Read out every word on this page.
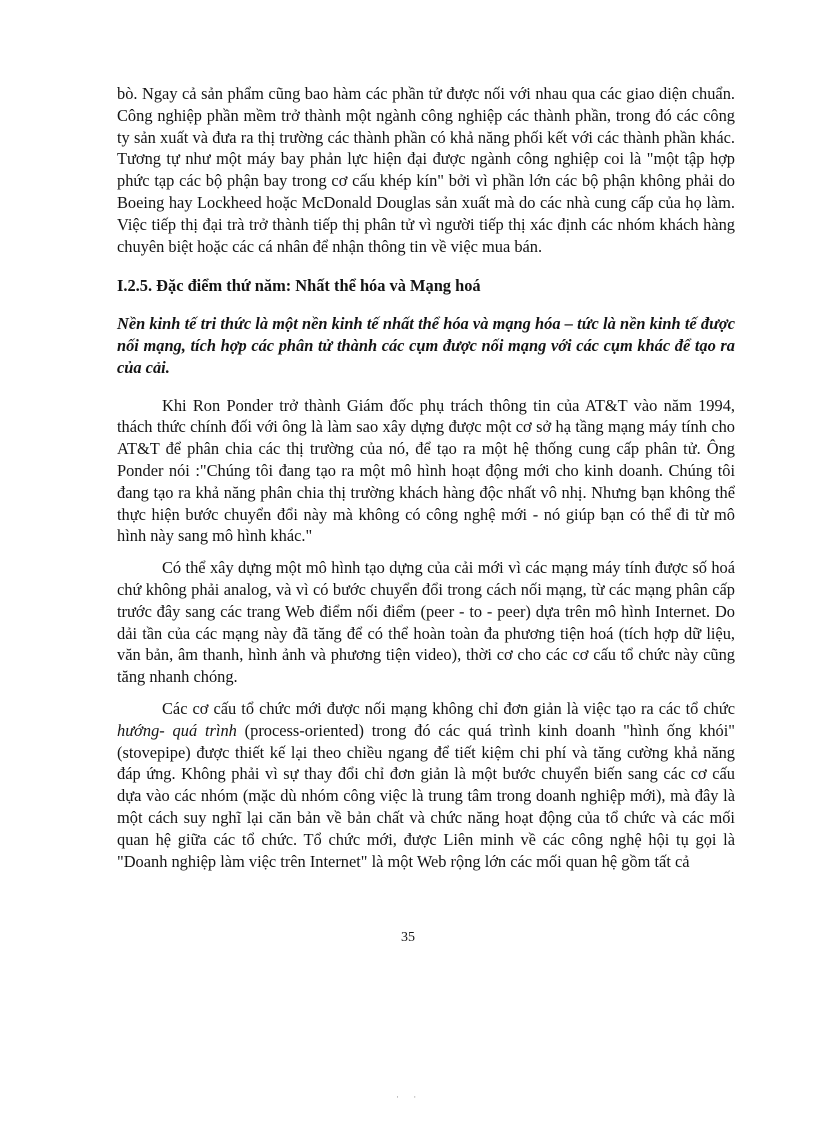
bò. Ngay cả sản phẩm cũng bao hàm các phần tử được nối với nhau qua các giao diện chuẩn. Công nghiệp phần mềm trở thành một ngành công nghiệp các thành phần, trong đó các công ty sản xuất và đưa ra thị trường các thành phần có khả năng phối kết với các thành phần khác. Tương tự như một máy bay phản lực hiện đại được ngành công nghiệp coi là "một tập hợp phức tạp các bộ phận bay trong cơ cấu khép kín" bởi vì phần lớn các bộ phận không phải do Boeing hay Lockheed hoặc McDonald Douglas sản xuất mà do các nhà cung cấp của họ làm. Việc tiếp thị đại trà trở thành tiếp thị phân tử vì người tiếp thị xác định các nhóm khách hàng chuyên biệt hoặc các cá nhân để nhận thông tin về việc mua bán.

I.2.5. Đặc điểm thứ năm: Nhất thể hóa và Mạng hoá

Nền kinh tế tri thức là một nền kinh tế nhất thể hóa và mạng hóa – tức là nền kinh tế được nối mạng, tích hợp các phân tử thành các cụm được nối mạng với các cụm khác để tạo ra của cải.

Khi Ron Ponder trở thành Giám đốc phụ trách thông tin của AT&T vào năm 1994, thách thức chính đối với ông là làm sao xây dựng được một cơ sở hạ tầng mạng máy tính cho AT&T để phân chia các thị trường của nó, để tạo ra một hệ thống cung cấp phân tử. Ông Ponder nói :"Chúng tôi đang tạo ra một mô hình hoạt động mới cho kinh doanh. Chúng tôi đang tạo ra khả năng phân chia thị trường khách hàng độc nhất vô nhị. Nhưng bạn không thể thực hiện bước chuyển đổi này mà không có công nghệ mới - nó giúp bạn có thể đi từ mô hình này sang mô hình khác."

Có thể xây dựng một mô hình tạo dựng của cải mới vì các mạng máy tính được số hoá chứ không phải analog, và vì có bước chuyển đổi trong cách nối mạng, từ các mạng phân cấp trước đây sang các trang Web điểm nối điểm (peer - to - peer) dựa trên mô hình Internet. Do dải tần của các mạng này đã tăng để có thể hoàn toàn đa phương tiện hoá (tích hợp dữ liệu, văn bản, âm thanh, hình ảnh và phương tiện video), thời cơ cho các cơ cấu tổ chức này cũng tăng nhanh chóng.

Các cơ cấu tổ chức mới được nối mạng không chỉ đơn giản là việc tạo ra các tổ chức hướng- quá trình (process-oriented) trong đó các quá trình kinh doanh "hình ống khói" (stovepipe) được thiết kế lại theo chiều ngang để tiết kiệm chi phí và tăng cường khả năng đáp ứng. Không phải vì sự thay đổi chỉ đơn giản là một bước chuyển biến sang các cơ cấu dựa vào các nhóm (mặc dù nhóm công việc là trung tâm trong doanh nghiệp mới), mà đây là một cách suy nghĩ lại căn bản về bản chất và chức năng hoạt động của tổ chức và các mối quan hệ giữa các tổ chức. Tổ chức mới, được Liên minh về các công nghệ hội tụ gọi là "Doanh nghiệp làm việc trên Internet" là một Web rộng lớn các mối quan hệ gồm tất cả

35
· ·
